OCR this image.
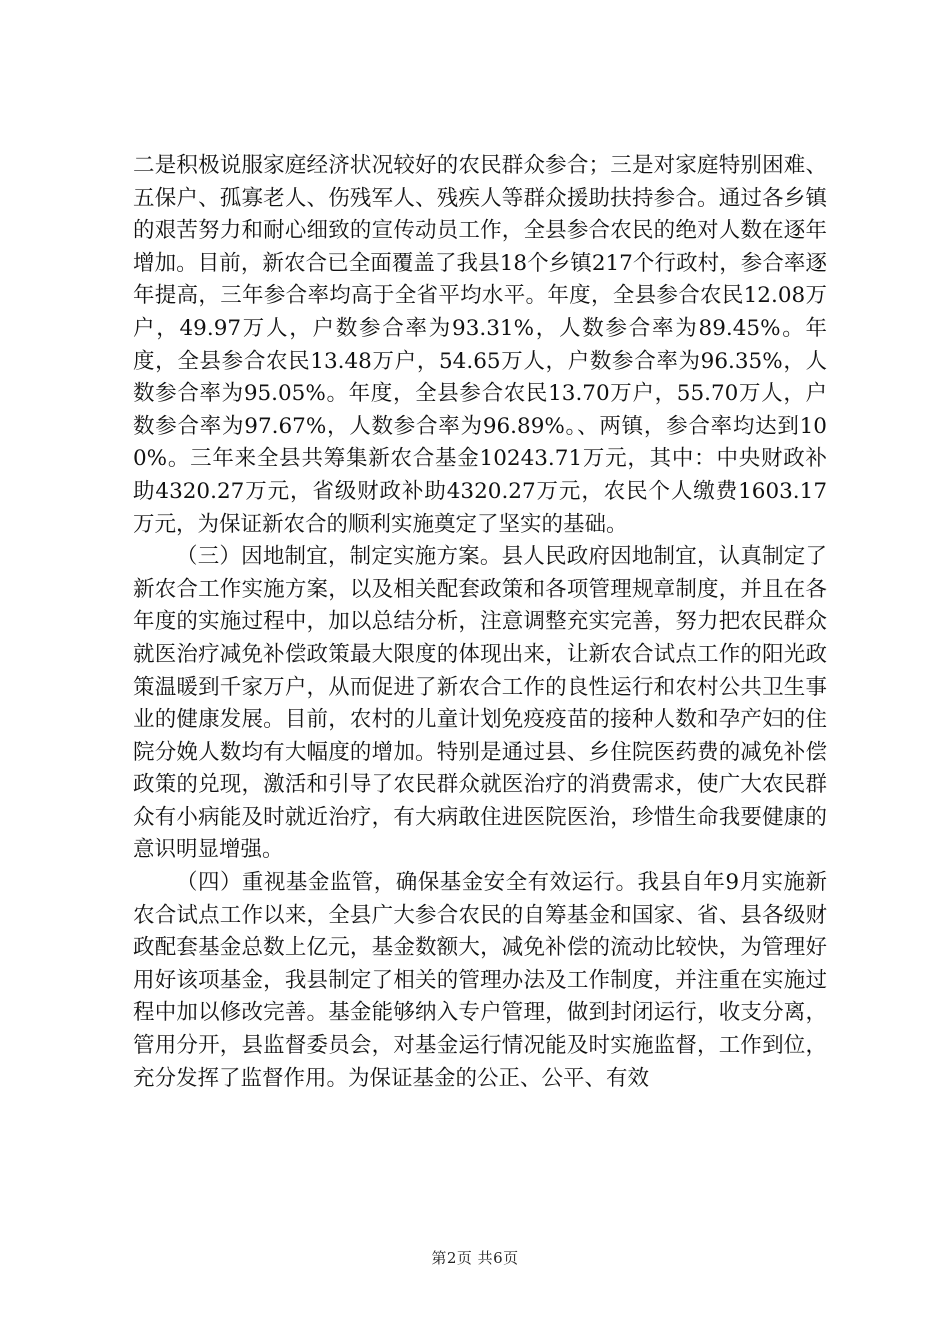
二是积极说服家庭经济状况较好的农民群众参合；三是对家庭特别困难、五保户、孤寡老人、伤残军人、残疾人等群众援助扶持参合。通过各乡镇的艰苦努力和耐心细致的宣传动员工作，全县参合农民的绝对人数在逐年增加。目前，新农合已全面覆盖了我县18个乡镇217个行政村，参合率逐年提高，三年参合率均高于全省平均水平。年度，全县参合农民12.08万户，49.97万人，户数参合率为93.31%，人数参合率为89.45%。年度，全县参合农民13.48万户，54.65万人，户数参合率为96.35%，人数参合率为95.05%。年度，全县参合农民13.70万户，55.70万人，户数参合率为97.67%，人数参合率为96.89%。、两镇，参合率均达到100%。三年来全县共筹集新农合基金10243.71万元，其中：中央财政补助4320.27万元，省级财政补助4320.27万元，农民个人缴费1603.17万元，为保证新农合的顺利实施奠定了坚实的基础。

（三）因地制宜，制定实施方案。县人民政府因地制宜，认真制定了新农合工作实施方案，以及相关配套政策和各项管理规章制度，并且在各年度的实施过程中，加以总结分析，注意调整充实完善，努力把农民群众就医治疗减免补偿政策最大限度的体现出来，让新农合试点工作的阳光政策温暖到千家万户，从而促进了新农合工作的良性运行和农村公共卫生事业的健康发展。目前，农村的儿童计划免疫疫苗的接种人数和孕产妇的住院分娩人数均有大幅度的增加。特别是通过县、乡住院医药费的减免补偿政策的兑现，激活和引导了农民群众就医治疗的消费需求，使广大农民群众有小病能及时就近治疗，有大病敢住进医院医治，珍惜生命我要健康的意识明显增强。

（四）重视基金监管，确保基金安全有效运行。我县自年9月实施新农合试点工作以来，全县广大参合农民的自筹基金和国家、省、县各级财政配套基金总数上亿元，基金数额大，减免补偿的流动比较快，为管理好用好该项基金，我县制定了相关的管理办法及工作制度，并注重在实施过程中加以修改完善。基金能够纳入专户管理，做到封闭运行，收支分离，管用分开，县监督委员会，对基金运行情况能及时实施监督，工作到位，充分发挥了监督作用。为保证基金的公正、公平、有效

第2页 共6页
